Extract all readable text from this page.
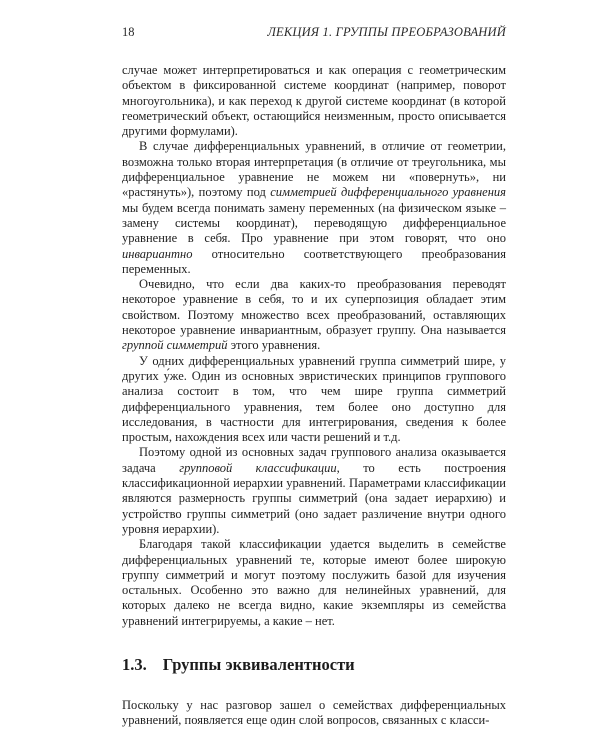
18	ЛЕКЦИЯ 1. ГРУППЫ ПРЕОБРАЗОВАНИЙ

случае может интерпретироваться и как операция с геометрическим объектом в фиксированной системе координат (например, поворот многоугольника), и как переход к другой системе координат (в которой геометрический объект, остающийся неизменным, просто описывается другими формулами).

В случае дифференциальных уравнений, в отличие от геометрии, возможна только вторая интерпретация (в отличие от треугольника, мы дифференциальное уравнение не можем ни «повернуть», ни «растянуть»), поэтому под симметрией дифференциального уравнения мы будем всегда понимать замену переменных (на физическом языке – замену системы координат), переводящую дифференциальное уравнение в себя. Про уравнение при этом говорят, что оно инвариантно относительно соответствующего преобразования переменных.

Очевидно, что если два каких-то преобразования переводят некоторое уравнение в себя, то и их суперпозиция обладает этим свойством. Поэтому множество всех преобразований, оставляющих некоторое уравнение инвариантным, образует группу. Она называется группой симметрий этого уравнения.

У одних дифференциальных уравнений группа симметрий шире, у других у́же. Один из основных эвристических принципов группового анализа состоит в том, что чем шире группа симметрий дифференциального уравнения, тем более оно доступно для исследования, в частности для интегрирования, сведения к более простым, нахождения всех или части решений и т.д.

Поэтому одной из основных задач группового анализа оказывается задача групповой классификации, то есть построения классификационной иерархии уравнений. Параметрами классификации являются размерность группы симметрий (она задает иерархию) и устройство группы симметрий (оно задает различение внутри одного уровня иерархии).

Благодаря такой классификации удается выделить в семействе дифференциальных уравнений те, которые имеют более широкую группу симметрий и могут поэтому послужить базой для изучения остальных. Особенно это важно для нелинейных уравнений, для которых далеко не всегда видно, какие экземпляры из семейства уравнений интегрируемы, а какие – нет.

1.3. Группы эквивалентности

Поскольку у нас разговор зашел о семействах дифференциальных уравнений, появляется еще один слой вопросов, связанных с класси-
